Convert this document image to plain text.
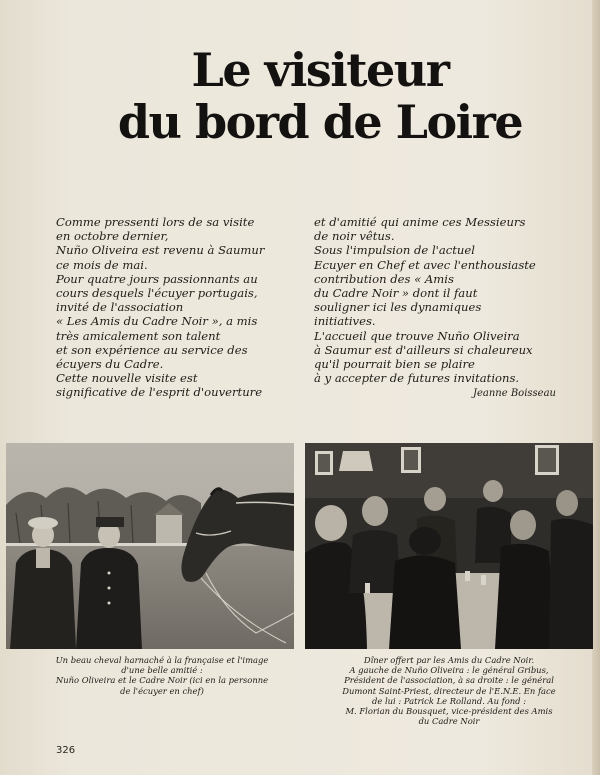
Le visiteur
du bord de Loire

Comme pressenti lors de sa visite

en octobre dernier,

Nuño Oliveira est revenu à Saumur

ce mois de mai.

Pour quatre jours passionnants au

cours desquels l'écuyer portugais,

invité de l'association

« Les Amis du Cadre Noir », a mis

très amicalement son talent

et son expérience au service des

écuyers du Cadre.

Cette nouvelle visite est

significative de l'esprit d'ouverture

et d'amitié qui anime ces Messieurs

de noir vêtus.

Sous l'impulsion de l'actuel

Ecuyer en Chef et avec l'enthousiaste

contribution des « Amis

du Cadre Noir » dont il faut

souligner ici les dynamiques

initiatives.

L'accueil que trouve Nuño Oliveira

à Saumur est d'ailleurs si chaleureux

qu'il pourrait bien se plaire

à y accepter de futures invitations.

Jeanne Boisseau

Un beau cheval harnaché à la française et l'image

d'une belle amitié :

Nuño Oliveira et le Cadre Noir (ici en la personne

de l'écuyer en chef)

Dîner offert par les Amis du Cadre Noir.

A gauche de Nuño Oliveira : le général Gribus,

Président de l'association, à sa droite : le général

Dumont Saint-Priest, directeur de l'E.N.E. En face

de lui : Patrick Le Rolland. Au fond :

M. Florian du Bousquet, vice-président des Amis

du Cadre Noir

326
